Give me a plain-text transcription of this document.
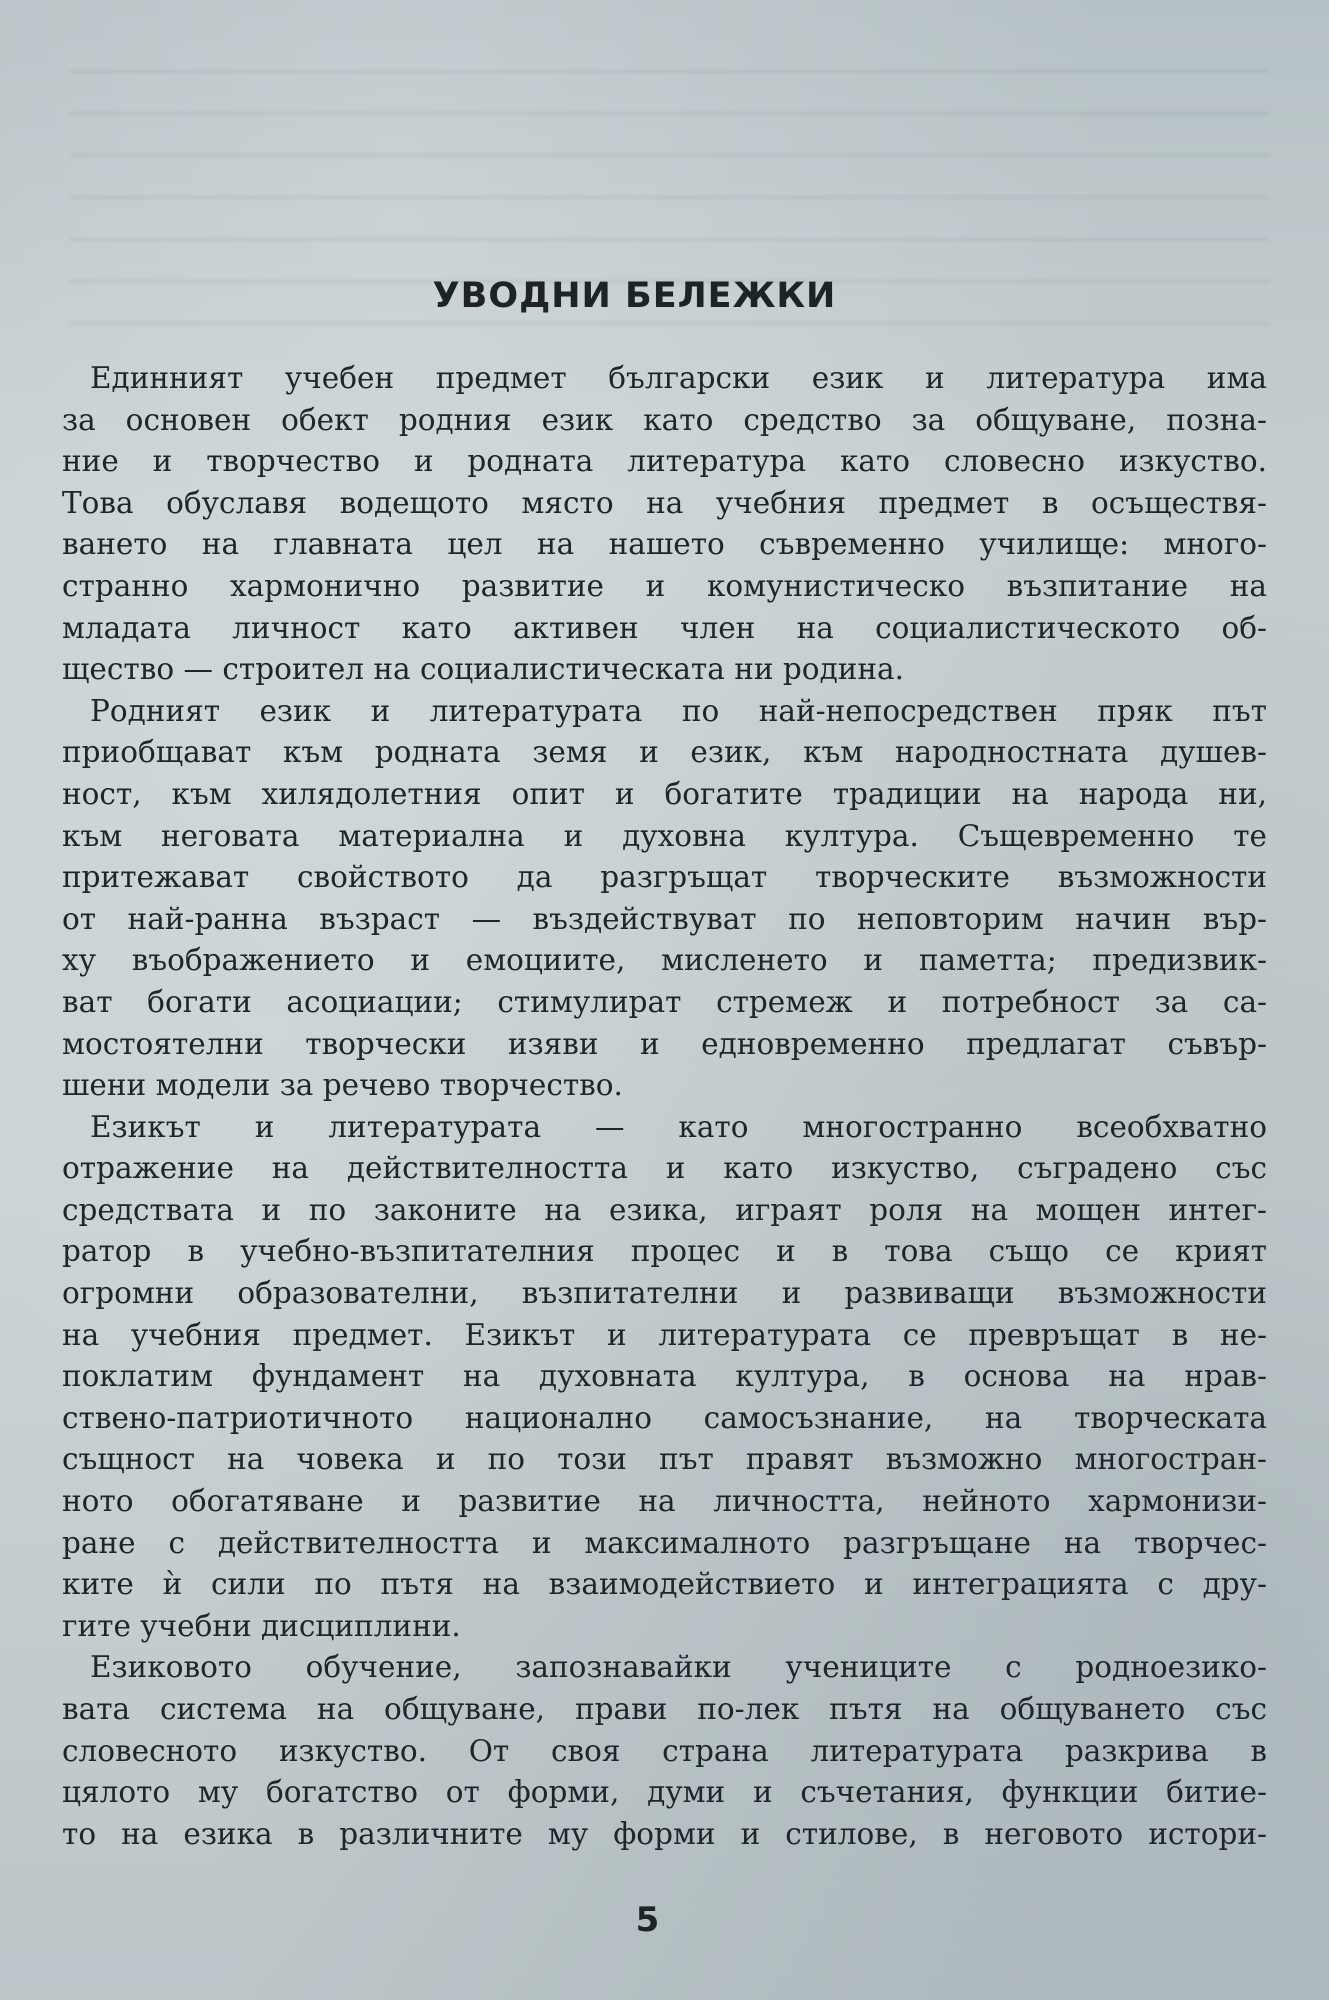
УВОДНИ БЕЛЕЖКИ
Единният учебен предмет български език и литература има
за основен обект родния език като средство за общуване, позна-
ние и творчество и родната литература като словесно изкуство.
Това обуславя водещото място на учебния предмет в осъществя-
ването на главната цел на нашето съвременно училище: много-
странно хармонично развитие и комунистическо възпитание на
младата личност като активен член на социалистическото об-
щество — строител на социалистическата ни родина.
Родният език и литературата по най-непосредствен пряк път
приобщават към родната земя и език, към народностната душев-
ност, към хилядолетния опит и богатите традиции на народа ни,
към неговата материална и духовна култура. Същевременно те
притежават свойството да разгръщат творческите възможности
от най-ранна възраст — въздействуват по неповторим начин вър-
ху въображението и емоциите, мисленето и паметта; предизвик-
ват богати асоциации; стимулират стремеж и потребност за са-
мостоятелни творчески изяви и едновременно предлагат съвър-
шени модели за речево творчество.
Езикът и литературата — като многостранно всеобхватно
отражение на действителността и като изкуство, съградено със
средствата и по законите на езика, играят роля на мощен интег-
ратор в учебно-възпитателния процес и в това също се крият
огромни образователни, възпитателни и развиващи възможности
на учебния предмет. Езикът и литературата се превръщат в не-
поклатим фундамент на духовната култура, в основа на нрав-
ствено-патриотичното национално самосъзнание, на творческата
същност на човека и по този път правят възможно многостран-
ното обогатяване и развитие на личността, нейното хармонизи-
ране с действителността и максималното разгръщане на творчес-
ките ѝ сили по пътя на взаимодействието и интеграцията с дру-
гите учебни дисциплини.
Езиковото обучение, запознавайки учениците с родноезико-
вата система на общуване, прави по-лек пътя на общуването със
словесното изкуство. От своя страна литературата разкрива в
цялото му богатство от форми, думи и съчетания, функции битие-
то на езика в различните му форми и стилове, в неговото истори-
5
